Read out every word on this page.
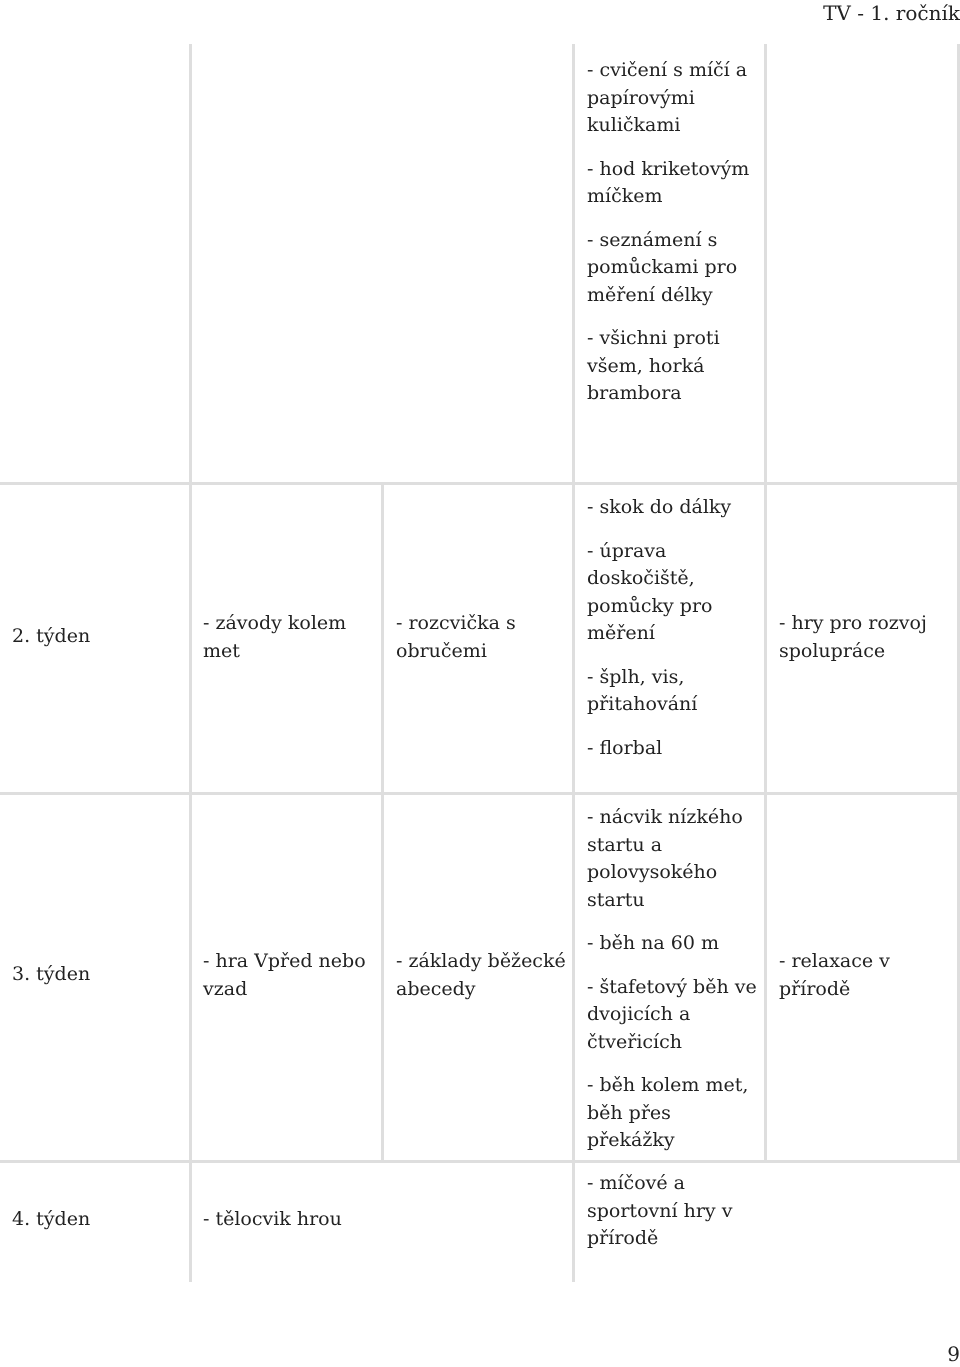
TV - 1. ročník

- cvičení s míčí a papírovými kuličkami

- hod kriketovým míčkem

- seznámení s pomůckami pro měření délky

- všichni proti všem, horká brambora

2. týden
- závody kolem met
- rozcvička s obručemi

- skok do dálky

- úprava doskočiště, pomůcky pro měření

- šplh, vis, přitahování

- florbal

- hry pro rozvoj spolupráce
3. týden
- hra Vpřed nebo vzad
- základy běžecké abecedy

- nácvik nízkého startu a polovysokého startu

- běh na 60 m

- štafetový běh ve dvojicích a čtveřicích

- běh kolem met, běh přes překážky

- relaxace v přírodě
4. týden	- tělocvik hrou

- míčové a sportovní hry v přírodě

9
